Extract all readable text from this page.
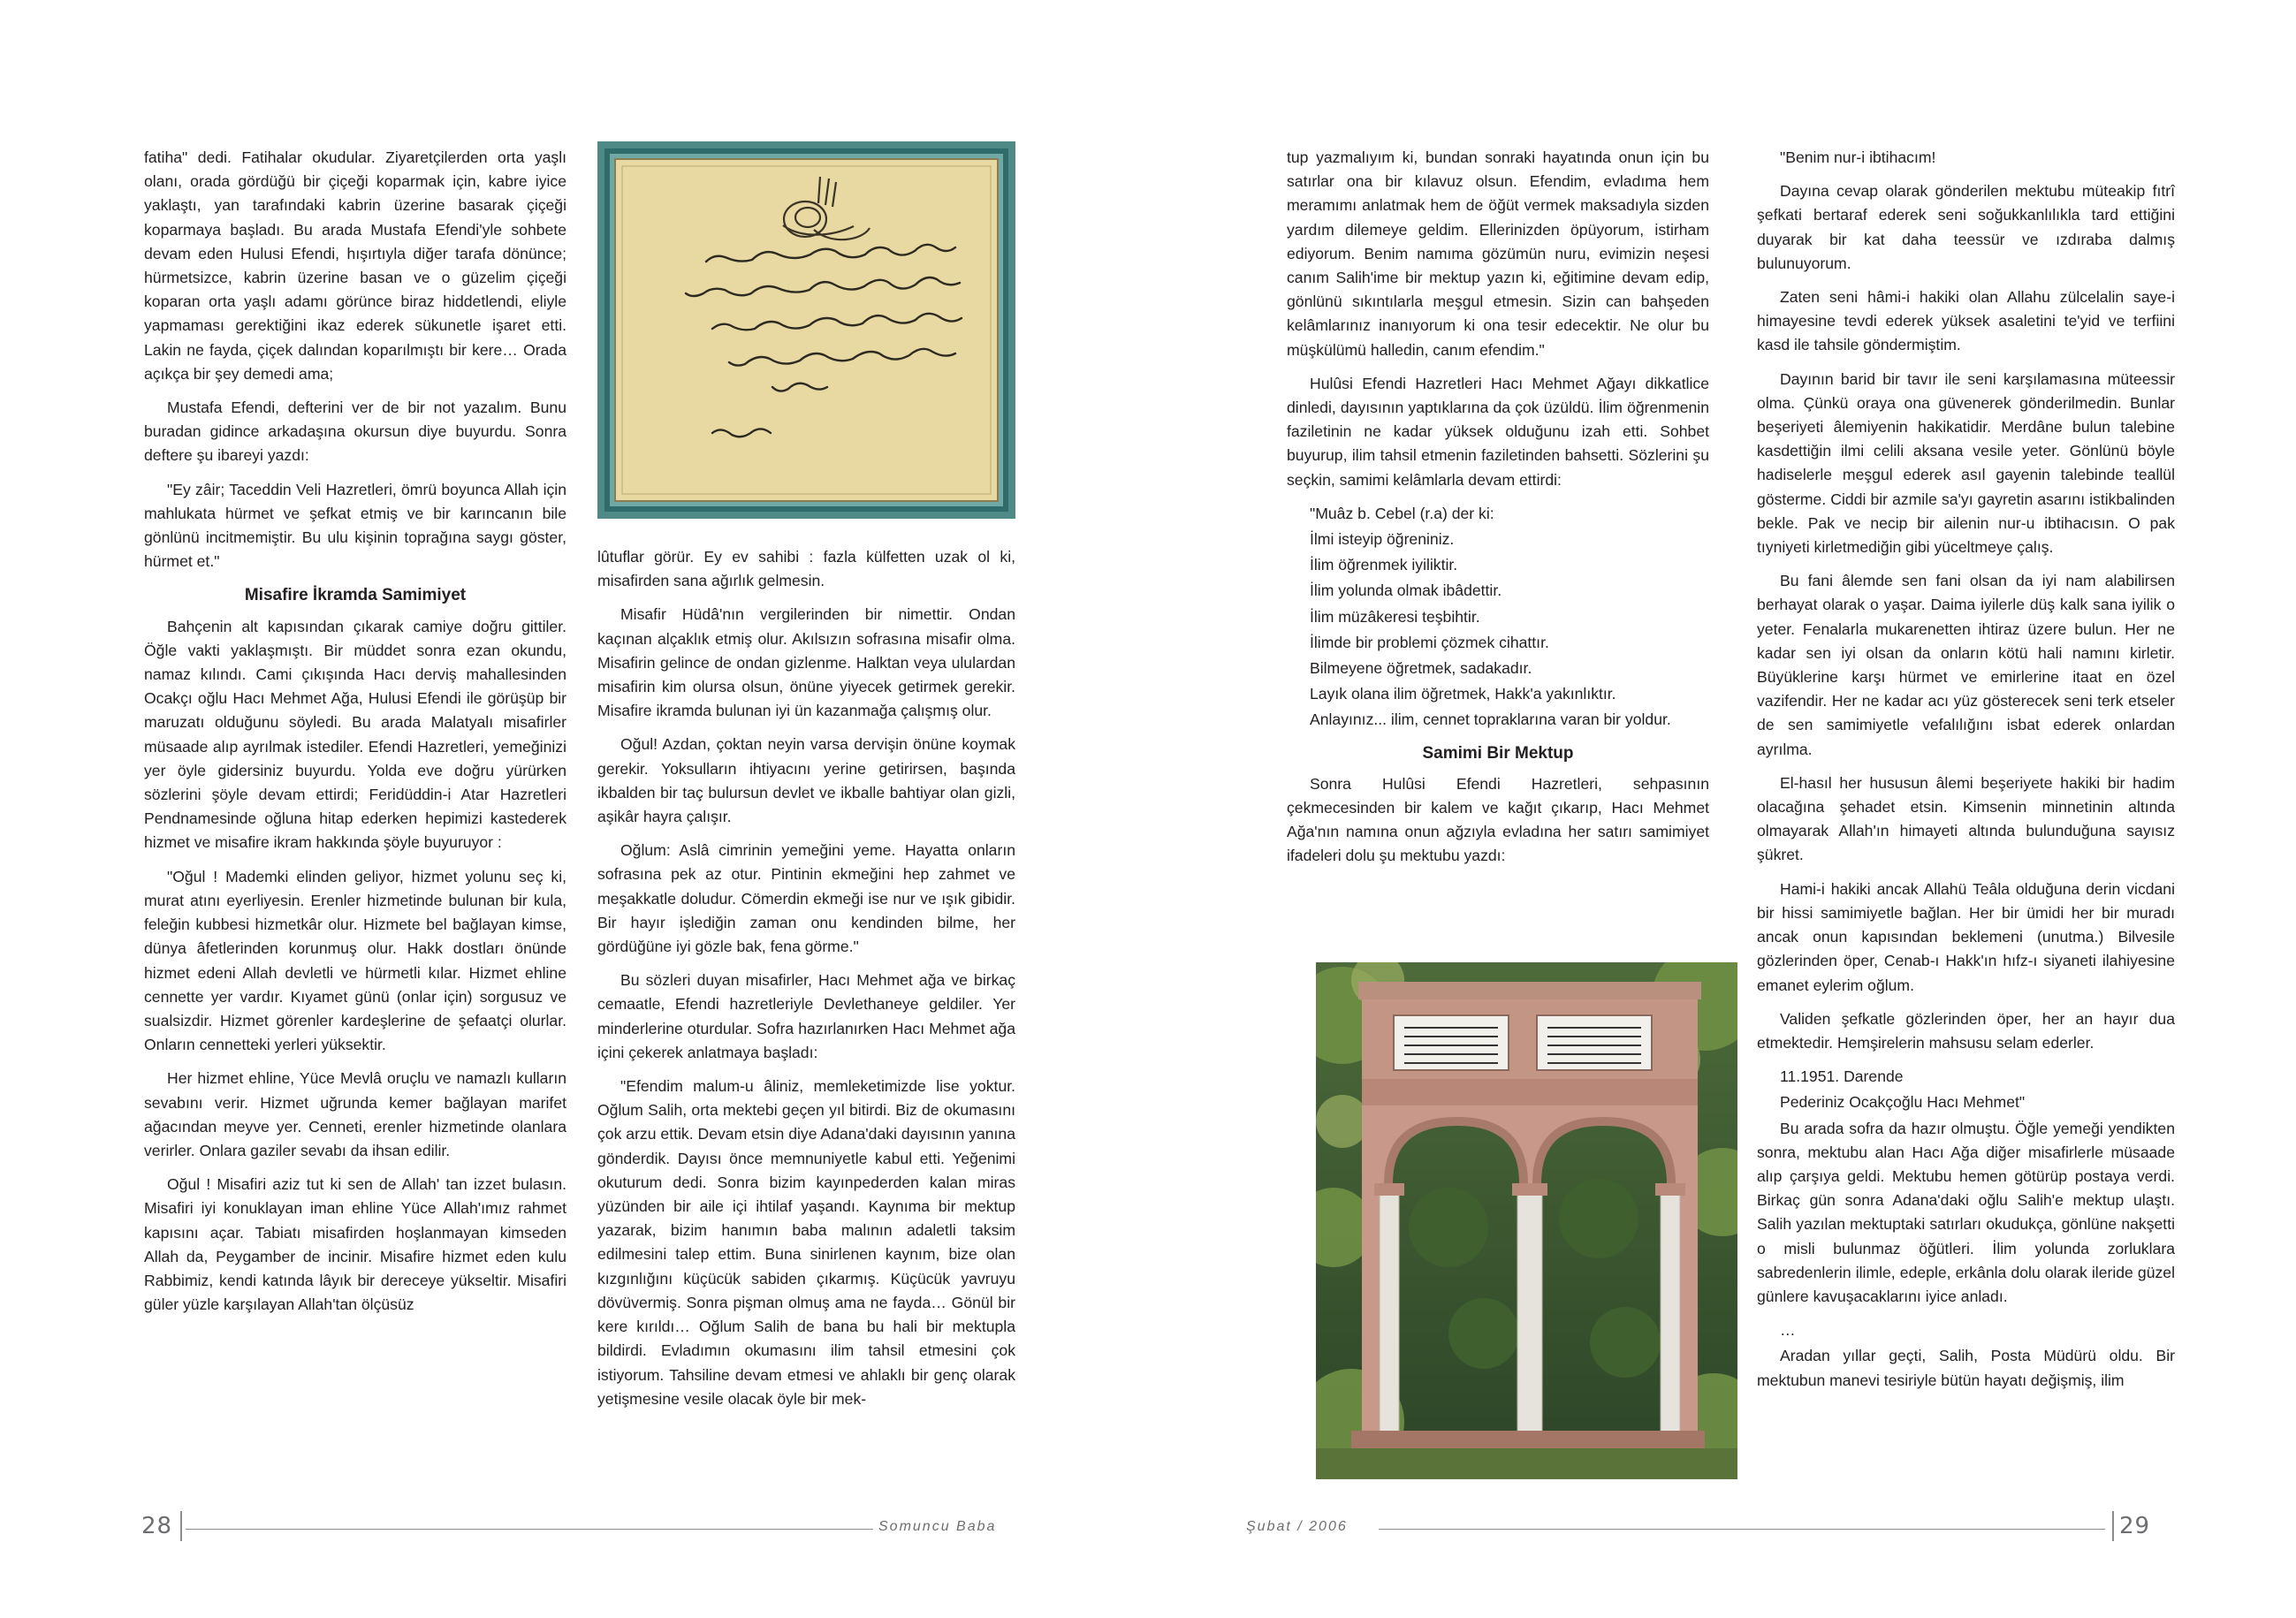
fatiha" dedi. Fatihalar okudular. Ziyaretçilerden orta yaşlı olanı, orada gördüğü bir çiçeği koparmak için, kabre iyice yaklaştı, yan tarafındaki kabrin üzerine basarak çiçeği koparmaya başladı. Bu arada Mustafa Efendi'yle sohbete devam eden Hulusi Efendi, hışırtıyla diğer tarafa dönünce; hürmetsizce, kabrin üzerine basan ve o güzelim çiçeği koparan orta yaşlı adamı görünce biraz hiddetlendi, eliyle yapmaması gerektiğini ikaz ederek sükunetle işaret etti. Lakin ne fayda, çiçek dalından koparılmıştı bir kere… Orada açıkça bir şey demedi ama;

Mustafa Efendi, defterini ver de bir not yazalım. Bunu buradan gidince arkadaşına okursun diye buyurdu. Sonra deftere şu ibareyi yazdı:

"Ey zâir; Taceddin Veli Hazretleri, ömrü boyunca Allah için mahlukata hürmet ve şefkat etmiş ve bir karıncanın bile gönlünü incitmemiştir. Bu ulu kişinin toprağına saygı göster, hürmet et."

Misafire İkramda Samimiyet

Bahçenin alt kapısından çıkarak camiye doğru gittiler. Öğle vakti yaklaşmıştı. Bir müddet sonra ezan okundu, namaz kılındı. Cami çıkışında Hacı derviş mahallesinden Ocakçı oğlu Hacı Mehmet Ağa, Hulusi Efendi ile görüşüp bir maruzatı olduğunu söyledi. Bu arada Malatyalı misafirler müsaade alıp ayrılmak istediler. Efendi Hazretleri, yemeğinizi yer öyle gidersiniz buyurdu. Yolda eve doğru yürürken sözlerini şöyle devam ettirdi; Feridüddin-i Atar Hazretleri Pendnamesinde oğluna hitap ederken hepimizi kastederek hizmet ve misafire ikram hakkında şöyle buyuruyor :

"Oğul ! Mademki elinden geliyor, hizmet yolunu seç ki, murat atını eyerliyesin. Erenler hizmetinde bulunan bir kula, feleğin kubbesi hizmetkâr olur. Hizmete bel bağlayan kimse, dünya âfetlerinden korunmuş olur. Hakk dostları önünde hizmet edeni Allah devletli ve hürmetli kılar. Hizmet ehline cennette yer vardır. Kıyamet günü (onlar için) sorgusuz ve sualsizdir. Hizmet görenler kardeşlerine de şefaatçi olurlar. Onların cennetteki yerleri yüksektir.

Her hizmet ehline, Yüce Mevlâ oruçlu ve namazlı kulların sevabını verir. Hizmet uğrunda kemer bağlayan marifet ağacından meyve yer. Cenneti, erenler hizmetinde olanlara verirler. Onlara gaziler sevabı da ihsan edilir.

Oğul ! Misafiri aziz tut ki sen de Allah' tan izzet bulasın. Misafiri iyi konuklayan iman ehline Yüce Allah'ımız rahmet kapısını açar. Tabiatı misafirden hoşlanmayan kimseden Allah da, Peygamber de incinir. Misafire hizmet eden kulu Rabbimiz, kendi katında lâyık bir dereceye yükseltir. Misafiri güler yüzle karşılayan Allah'tan ölçüsüz

lûtuflar görür. Ey ev sahibi : fazla külfetten uzak ol ki, misafirden sana ağırlık gelmesin.

Misafir Hüdâ'nın vergilerinden bir nimettir. Ondan kaçınan alçaklık etmiş olur. Akılsızın sofrasına misafir olma. Misafirin gelince de ondan gizlenme. Halktan veya ululardan misafirin kim olursa olsun, önüne yiyecek getirmek gerekir. Misafire ikramda bulunan iyi ün kazanmağa çalışmış olur.

Oğul! Azdan, çoktan neyin varsa dervişin önüne koymak gerekir. Yoksulların ihtiyacını yerine getirirsen, başında ikbalden bir taç bulursun devlet ve ikballe bahtiyar olan gizli, aşikâr hayra çalışır.

Oğlum: Aslâ cimrinin yemeğini yeme. Hayatta onların sofrasına pek az otur. Pintinin ekmeğini hep zahmet ve meşakkatle doludur. Cömerdin ekmeği ise nur ve ışık gibidir. Bir hayır işlediğin zaman onu kendinden bilme, her gördüğüne iyi gözle bak, fena görme."

Bu sözleri duyan misafirler, Hacı Mehmet ağa ve birkaç cemaatle, Efendi hazretleriyle Devlethaneye geldiler. Yer minderlerine oturdular. Sofra hazırlanırken Hacı Mehmet ağa içini çekerek anlatmaya başladı:

"Efendim malum-u âliniz, memleketimizde lise yoktur. Oğlum Salih, orta mektebi geçen yıl bitirdi. Biz de okumasını çok arzu ettik. Devam etsin diye Adana'daki dayısının yanına gönderdik. Dayısı önce memnuniyetle kabul etti. Yeğenimi okuturum dedi. Sonra bizim kayınpederden kalan miras yüzünden bir aile içi ihtilaf yaşandı. Kaynıma bir mektup yazarak, bizim hanımın baba malının adaletli taksim edilmesini talep ettim. Buna sinirlenen kaynım, bize olan kızgınlığını küçücük sabiden çıkarmış. Küçücük yavruyu dövüvermiş. Sonra pişman olmuş ama ne fayda… Gönül bir kere kırıldı… Oğlum Salih de bana bu hali bir mektupla bildirdi. Evladımın okumasını ilim tahsil etmesini çok istiyorum. Tahsiline devam etmesi ve ahlaklı bir genç olarak yetişmesine vesile olacak öyle bir mek-

tup yazmalıyım ki, bundan sonraki hayatında onun için bu satırlar ona bir kılavuz olsun. Efendim, evladıma hem meramımı anlatmak hem de öğüt vermek maksadıyla sizden yardım dilemeye geldim. Ellerinizden öpüyorum, istirham ediyorum. Benim namıma gözümün nuru, evimizin neşesi canım Salih'ime bir mektup yazın ki, eğitimine devam edip, gönlünü sıkıntılarla meşgul etmesin. Sizin can bahşeden kelâmlarınız inanıyorum ki ona tesir edecektir. Ne olur bu müşkülümü halledin, canım efendim."

Hulûsi Efendi Hazretleri Hacı Mehmet Ağayı dikkatlice dinledi, dayısının yaptıklarına da çok üzüldü. İlim öğrenmenin faziletinin ne kadar yüksek olduğunu izah etti. Sohbet buyurup, ilim tahsil etmenin faziletinden bahsetti. Sözlerini şu seçkin, samimi kelâmlarla devam ettirdi:

"Muâz b. Cebel (r.a) der ki:

İlmi isteyip öğreniniz.

İlim öğrenmek iyiliktir.

İlim yolunda olmak ibâdettir.

İlim müzâkeresi teşbihtir.

İlimde bir problemi çözmek cihattır.

Bilmeyene öğretmek, sadakadır.

Layık olana ilim öğretmek, Hakk'a yakınlıktır.

Anlayınız... ilim, cennet topraklarına varan bir yoldur.

Samimi Bir Mektup

Sonra Hulûsi Efendi Hazretleri, sehpasının çekmecesinden bir kalem ve kağıt çıkarıp, Hacı Mehmet Ağa'nın namına onun ağzıyla evladına her satırı samimiyet ifadeleri dolu şu mektubu yazdı:

"Benim nur-i ibtihacım!

Dayına cevap olarak gönderilen mektubu müteakip fıtrî şefkati bertaraf ederek seni soğukkanlılıkla tard ettiğini duyarak bir kat daha teessür ve ızdıraba dalmış bulunuyorum.

Zaten seni hâmi-i hakiki olan Allahu zülcelalin saye-i himayesine tevdi ederek yüksek asaletini te'yid ve terfiini kasd ile tahsile göndermiştim.

Dayının barid bir tavır ile seni karşılamasına müteessir olma. Çünkü oraya ona güvenerek gönderilmedin. Bunlar beşeriyeti âlemiyenin hakikatidir. Merdâne bulun talebine kasdettiğin ilmi celili aksana vesile yeter. Gönlünü böyle hadiselerle meşgul ederek asıl gayenin talebinde teallül gösterme. Ciddi bir azmile sa'yı gayretin asarını istikbalinden bekle. Pak ve necip bir ailenin nur-u ibtihacısın. O pak tıyniyeti kirletmediğin gibi yüceltmeye çalış.

Bu fani âlemde sen fani olsan da iyi nam alabilirsen berhayat olarak o yaşar. Daima iyilerle düş kalk sana iyilik o yeter. Fenalarla mukarenetten ihtiraz üzere bulun. Her ne kadar sen iyi olsan da onların kötü hali namını kirletir. Büyüklerine karşı hürmet ve emirlerine itaat en özel vazifendir. Her ne kadar acı yüz gösterecek seni terk etseler de sen samimiyetle vefalılığını isbat ederek onlardan ayrılma.

El-hasıl her hususun âlemi beşeriyete hakiki bir hadim olacağına şehadet etsin. Kimsenin minnetinin altında olmayarak Allah'ın himayeti altında bulunduğuna sayısız şükret.

Hami-i hakiki ancak Allahü Teâla olduğuna derin vicdani bir hissi samimiyetle bağlan. Her bir ümidi her bir muradı ancak onun kapısından beklemeni (unutma.) Bilvesile gözlerinden öper, Cenab-ı Hakk'ın hıfz-ı siyaneti ilahiyesine emanet eylerim oğlum.

Validen şefkatle gözlerinden öper, her an hayır dua etmektedir. Hemşirelerin mahsusu selam ederler.

11.1951. Darende

Pederiniz Ocakçoğlu Hacı Mehmet"

Bu arada sofra da hazır olmuştu. Öğle yemeği yendikten sonra, mektubu alan Hacı Ağa diğer misafirlerle müsaade alıp çarşıya geldi. Mektubu hemen götürüp postaya verdi. Birkaç gün sonra Adana'daki oğlu Salih'e mektup ulaştı. Salih yazılan mektuptaki satırları okudukça, gönlüne nakşetti o misli bulunmaz öğütleri. İlim yolunda zorluklara sabredenlerin ilimle, edeple, erkânla dolu olarak ileride güzel günlere kavuşacaklarını iyice anladı.

…

Aradan yıllar geçti, Salih, Posta Müdürü oldu. Bir mektubun manevi tesiriyle bütün hayatı değişmiş, ilim

28	Somuncu Baba	Şubat / 2006	29
